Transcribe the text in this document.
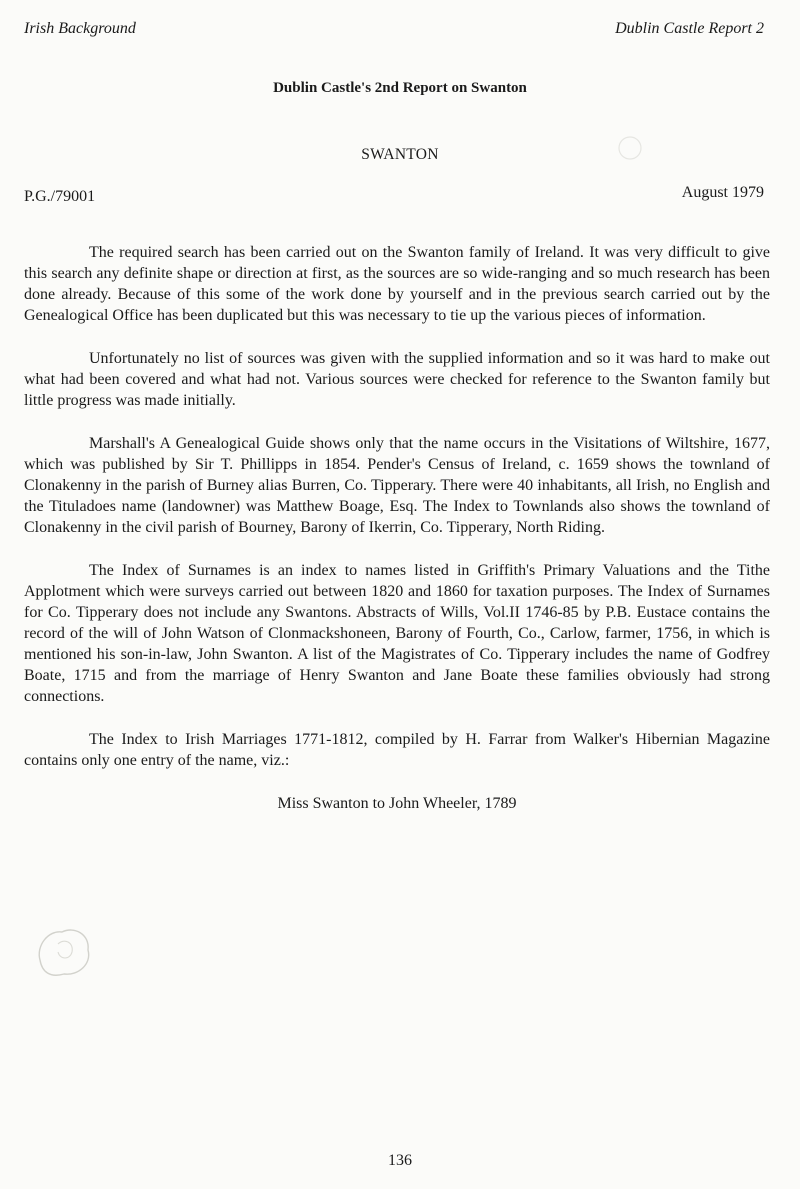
Irish Background	Dublin Castle Report 2
Dublin Castle's 2nd Report on Swanton
SWANTON
P.G./79001	August 1979

The required search has been carried out on the Swanton family of Ireland. It was very difficult to give this search any definite shape or direction at first, as the sources are so wide-ranging and so much research has been done already. Because of this some of the work done by yourself and in the previous search carried out by the Genealogical Office has been duplicated but this was necessary to tie up the various pieces of information.

Unfortunately no list of sources was given with the supplied information and so it was hard to make out what had been covered and what had not. Various sources were checked for reference to the Swanton family but little progress was made initially.

Marshall's A Genealogical Guide shows only that the name occurs in the Visitations of Wiltshire, 1677, which was published by Sir T. Phillipps in 1854. Pender's Census of Ireland, c. 1659 shows the townland of Clonakenny in the parish of Burney alias Burren, Co. Tipperary. There were 40 inhabitants, all Irish, no English and the Tituladoes name (landowner) was Matthew Boage, Esq. The Index to Townlands also shows the townland of Clonakenny in the civil parish of Bourney, Barony of Ikerrin, Co. Tipperary, North Riding.

The Index of Surnames is an index to names listed in Griffith's Primary Valuations and the Tithe Applotment which were surveys carried out between 1820 and 1860 for taxation purposes. The Index of Surnames for Co. Tipperary does not include any Swantons. Abstracts of Wills, Vol.II 1746-85 by P.B. Eustace contains the record of the will of John Watson of Clonmackshoneen, Barony of Fourth, Co., Carlow, farmer, 1756, in which is mentioned his son-in-law, John Swanton. A list of the Magistrates of Co. Tipperary includes the name of Godfrey Boate, 1715 and from the marriage of Henry Swanton and Jane Boate these families obviously had strong connections.

The Index to Irish Marriages 1771-1812, compiled by H. Farrar from Walker's Hibernian Magazine contains only one entry of the name, viz.:

Miss Swanton to John Wheeler, 1789

136
